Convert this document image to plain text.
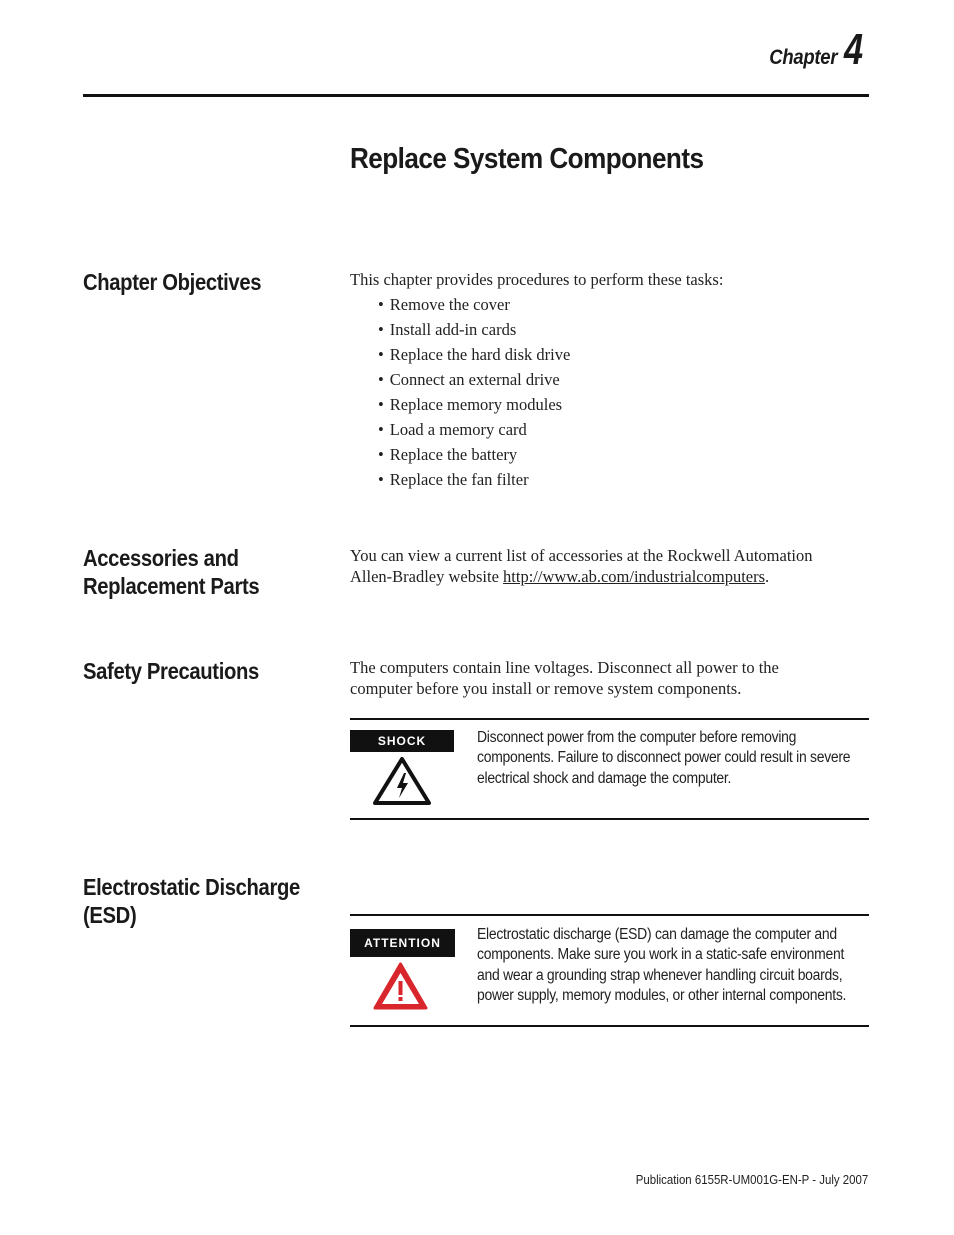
Chapter 4
Replace System Components
Chapter Objectives	This chapter provides procedures to perform these tasks:

• Remove the cover
• Install add-in cards
• Replace the hard disk drive
• Connect an external drive
• Replace memory modules
• Load a memory card
• Replace the battery
• Replace the fan filter
Accessories and
Replacement Parts

You can view a current list of accessories at the Rockwell Automation
Allen-Bradley website http://www.ab.com/industrialcomputers.

Safety Precautions	The computers contain line voltages. Disconnect all power to the
computer before you install or remove system components.

SHOCK HAZARD
Disconnect power from the computer before removing
components. Failure to disconnect power could result in severe
electrical shock and damage the computer.
Electrostatic Discharge
(ESD)
ATTENTION	Electrostatic discharge (ESD) can damage the computer and
components. Make sure you work in a static-safe environment
and wear a grounding strap whenever handling circuit boards,
power supply, memory modules, or other internal components.
Publication 6155R-UM001G-EN-P - July 2007
